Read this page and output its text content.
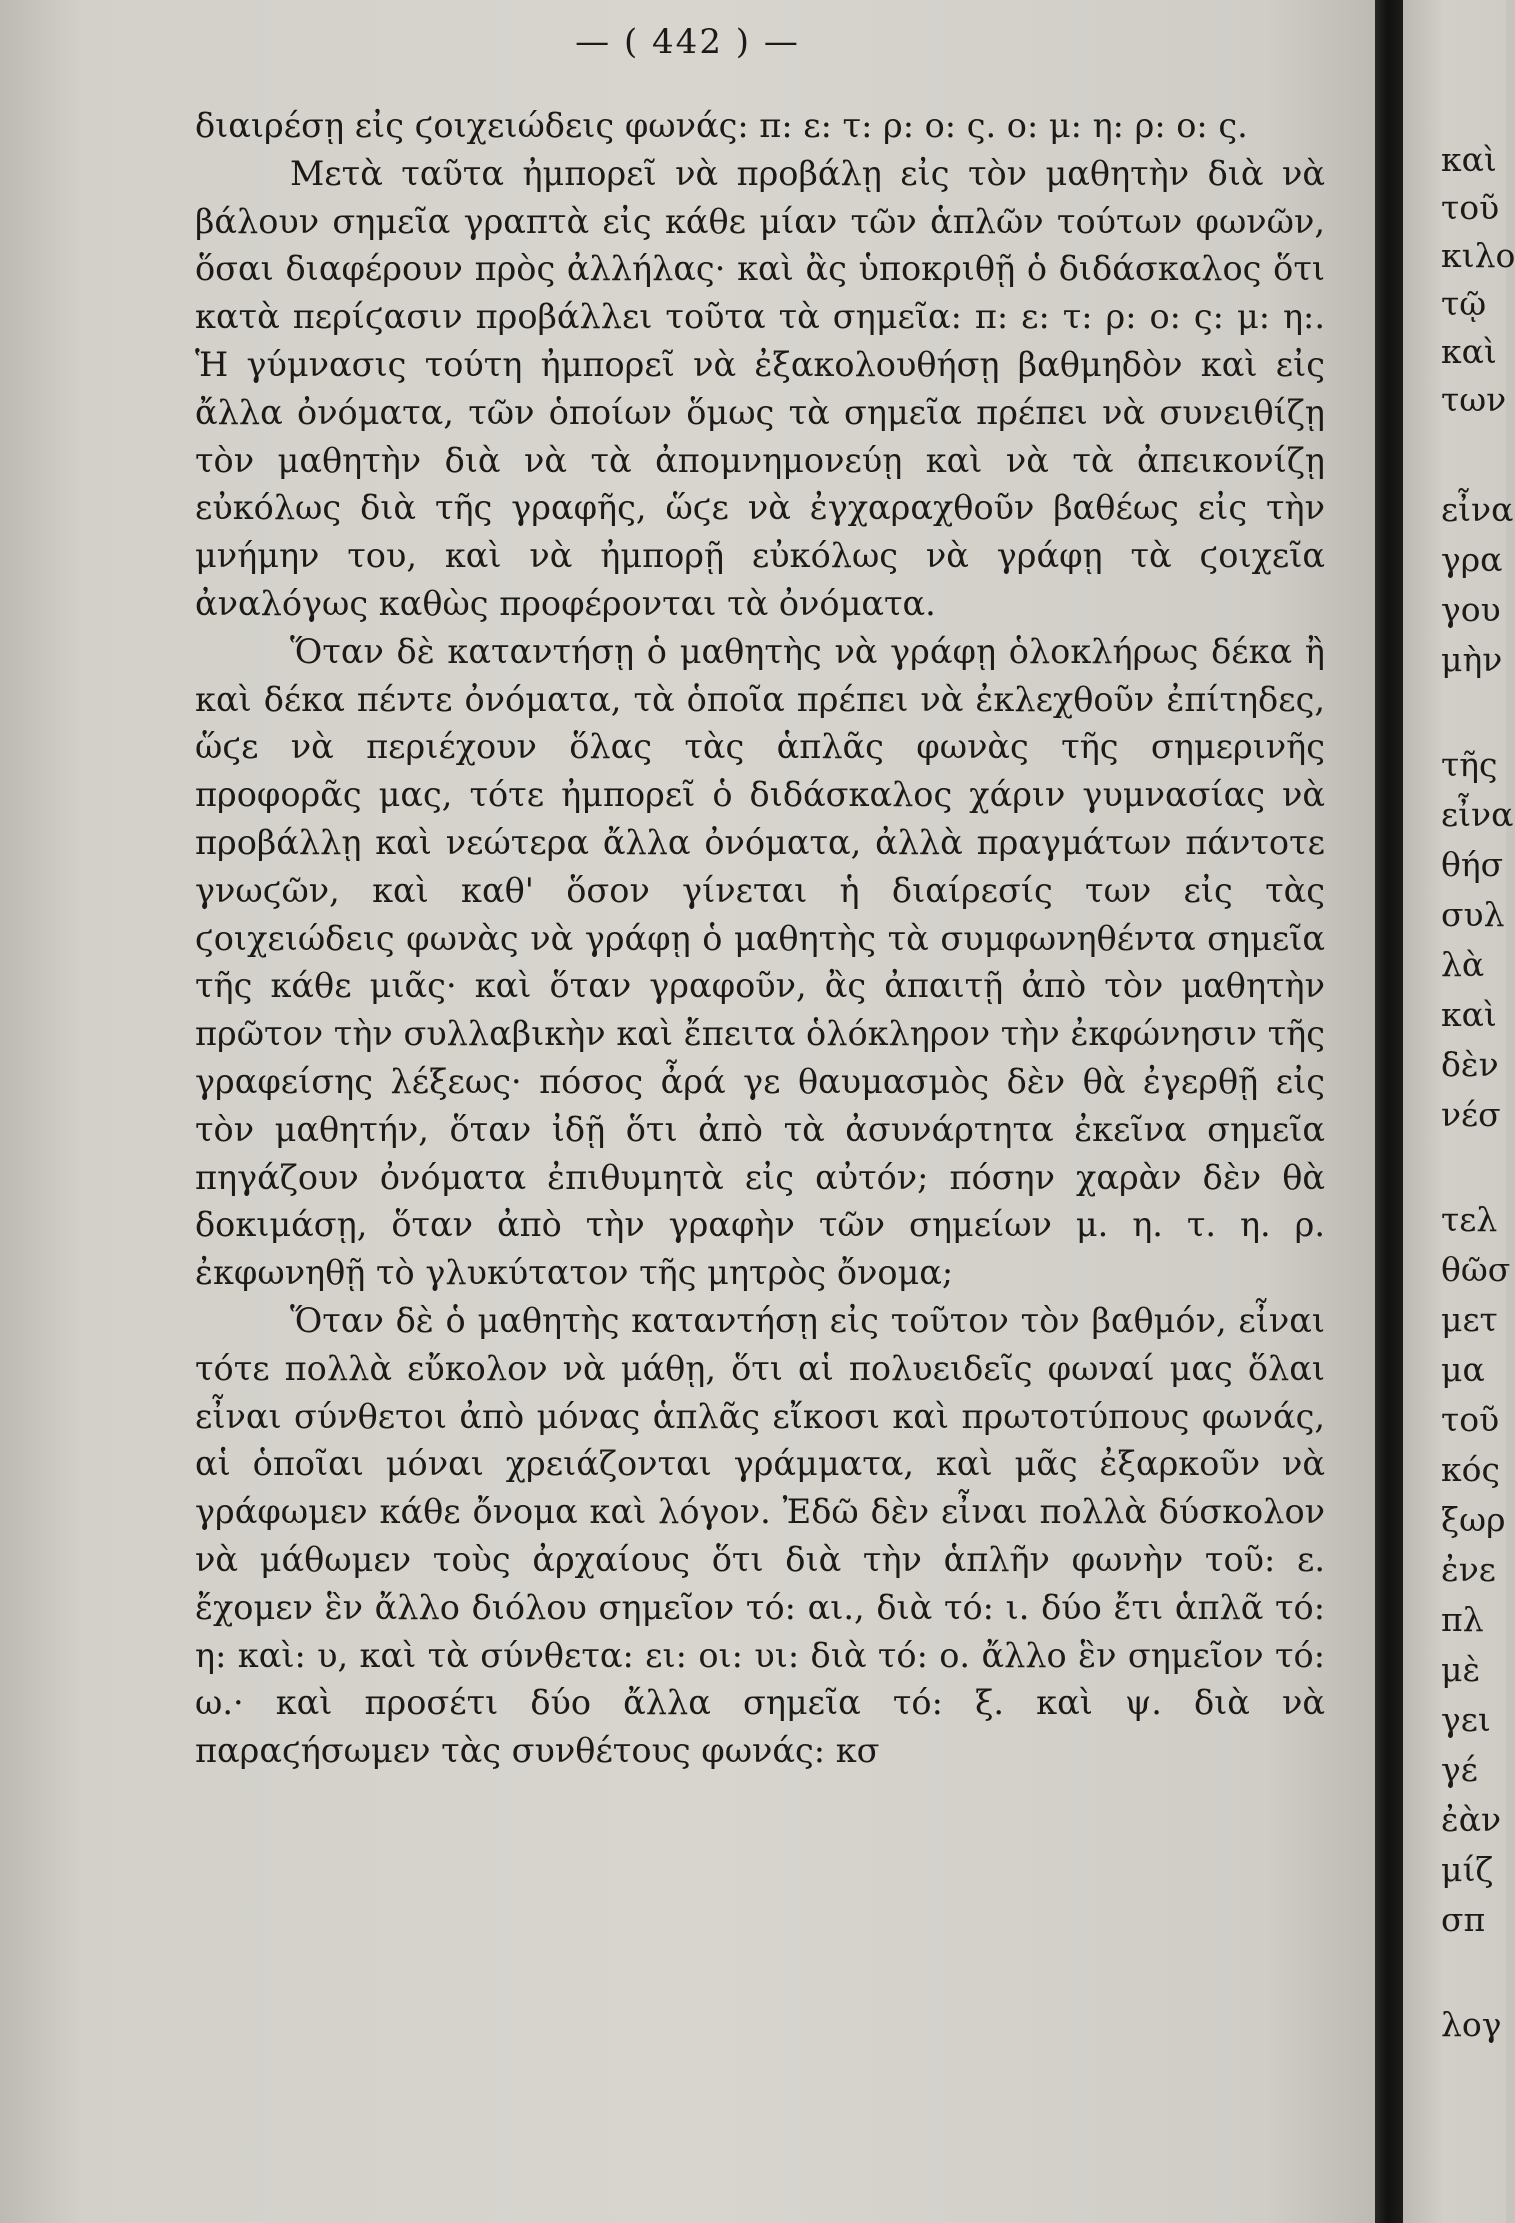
— ( 442 ) —

διαιρέσῃ εἰς ϛοιχειώδεις φωνάς: π: ε: τ: ρ: ο: ς. ο: μ: η: ρ: ο: ς.

Μετὰ ταῦτα ἠμπορεῖ νὰ προβάλῃ εἰς τὸν μαθητὴν διὰ νὰ βάλουν σημεῖα γραπτὰ εἰς κάθε μίαν τῶν ἁπλῶν τούτων φωνῶν, ὅσαι διαφέρουν πρὸς ἀλλήλας· καὶ ἂς ὑποκριθῇ ὁ διδάσκαλος ὅτι κατὰ περίϛασιν προβάλλει τοῦτα τὰ σημεῖα: π: ε: τ: ρ: ο: ς: μ: η:. Ἡ γύμνασις τούτη ἠμπορεῖ νὰ ἐξακολουθήσῃ βαθμηδὸν καὶ εἰς ἄλλα ὀνόματα, τῶν ὁποίων ὅμως τὰ σημεῖα πρέπει νὰ συνειθίζῃ τὸν μαθητὴν διὰ νὰ τὰ ἀπομνημονεύῃ καὶ νὰ τὰ ἀπεικονίζῃ εὐκόλως διὰ τῆς γραφῆς, ὥϛε νὰ ἐγχαραχθοῦν βαθέως εἰς τὴν μνήμην του, καὶ νὰ ἠμπορῇ εὐκόλως νὰ γράφῃ τὰ ϛοιχεῖα ἀναλόγως καθὼς προφέρονται τὰ ὀνόματα.

Ὅταν δὲ καταντήσῃ ὁ μαθητὴς νὰ γράφῃ ὁλοκλήρως δέκα ἢ καὶ δέκα πέντε ὀνόματα, τὰ ὁποῖα πρέπει νὰ ἐκλεχθοῦν ἐπίτηδες, ὥϛε νὰ περιέχουν ὅλας τὰς ἁπλᾶς φωνὰς τῆς σημερινῆς προφορᾶς μας, τότε ἠμπορεῖ ὁ διδάσκαλος χάριν γυμνασίας νὰ προβάλλῃ καὶ νεώτερα ἄλλα ὀνόματα, ἀλλὰ πραγμάτων πάντοτε γνωϛῶν, καὶ καθ' ὅσον γίνεται ἡ διαίρεσίς των εἰς τὰς ϛοιχειώδεις φωνὰς νὰ γράφῃ ὁ μαθητὴς τὰ συμφωνηθέντα σημεῖα τῆς κάθε μιᾶς· καὶ ὅταν γραφοῦν, ἂς ἀπαιτῇ ἀπὸ τὸν μαθητὴν πρῶτον τὴν συλλαβικὴν καὶ ἔπειτα ὁλόκληρον τὴν ἐκφώνησιν τῆς γραφείσης λέξεως· πόσος ἆρά γε θαυμασμὸς δὲν θὰ ἐγερθῇ εἰς τὸν μαθητήν, ὅταν ἰδῇ ὅτι ἀπὸ τὰ ἀσυνάρτητα ἐκεῖνα σημεῖα πηγάζουν ὀνόματα ἐπιθυμητὰ εἰς αὐτόν; πόσην χαρὰν δὲν θὰ δοκιμάσῃ, ὅταν ἀπὸ τὴν γραφὴν τῶν σημείων μ. η. τ. η. ρ. ἐκφωνηθῇ τὸ γλυκύτατον τῆς μητρὸς ὄνομα;

Ὅταν δὲ ὁ μαθητὴς καταντήσῃ εἰς τοῦτον τὸν βαθμόν, εἶναι τότε πολλὰ εὔκολον νὰ μάθῃ, ὅτι αἱ πολυειδεῖς φωναί μας ὅλαι εἶναι σύνθετοι ἀπὸ μόνας ἁπλᾶς εἴκοσι καὶ πρωτοτύπους φωνάς, αἱ ὁποῖαι μόναι χρειάζονται γράμματα, καὶ μᾶς ἐξαρκοῦν νὰ γράφωμεν κάθε ὄνομα καὶ λόγον. Ἐδῶ δὲν εἶναι πολλὰ δύσκολον νὰ μάθωμεν τοὺς ἀρχαίους ὅτι διὰ τὴν ἁπλῆν φωνὴν τοῦ: ε. ἔχομεν ἓν ἄλλο διόλου σημεῖον τό: αι., διὰ τό: ι. δύο ἔτι ἁπλᾶ τό: η: καὶ: υ, καὶ τὰ σύνθετα: ει: οι: υι: διὰ τό: ο. ἄλλο ἓν σημεῖον τό: ω.· καὶ προσέτι δύο ἄλλα σημεῖα τό: ξ. καὶ ψ. διὰ νὰ παραϛήσωμεν τὰς συνθέτους φωνάς: κσ

καὶ
τοῦ
κιλο
τῷ
καὶ
των
εἶνα
γρα
γου
μὴν
τῆς
εἶνα
θήσ
συλ
λὰ
καὶ
δὲν
νέσ
τελ
θῶσ
μετ
μα
τοῦ
κός
ξωρ
ἐνε
πλ
μὲ
γει
γέ
ἐὰν
μίζ
σπ
λογ
